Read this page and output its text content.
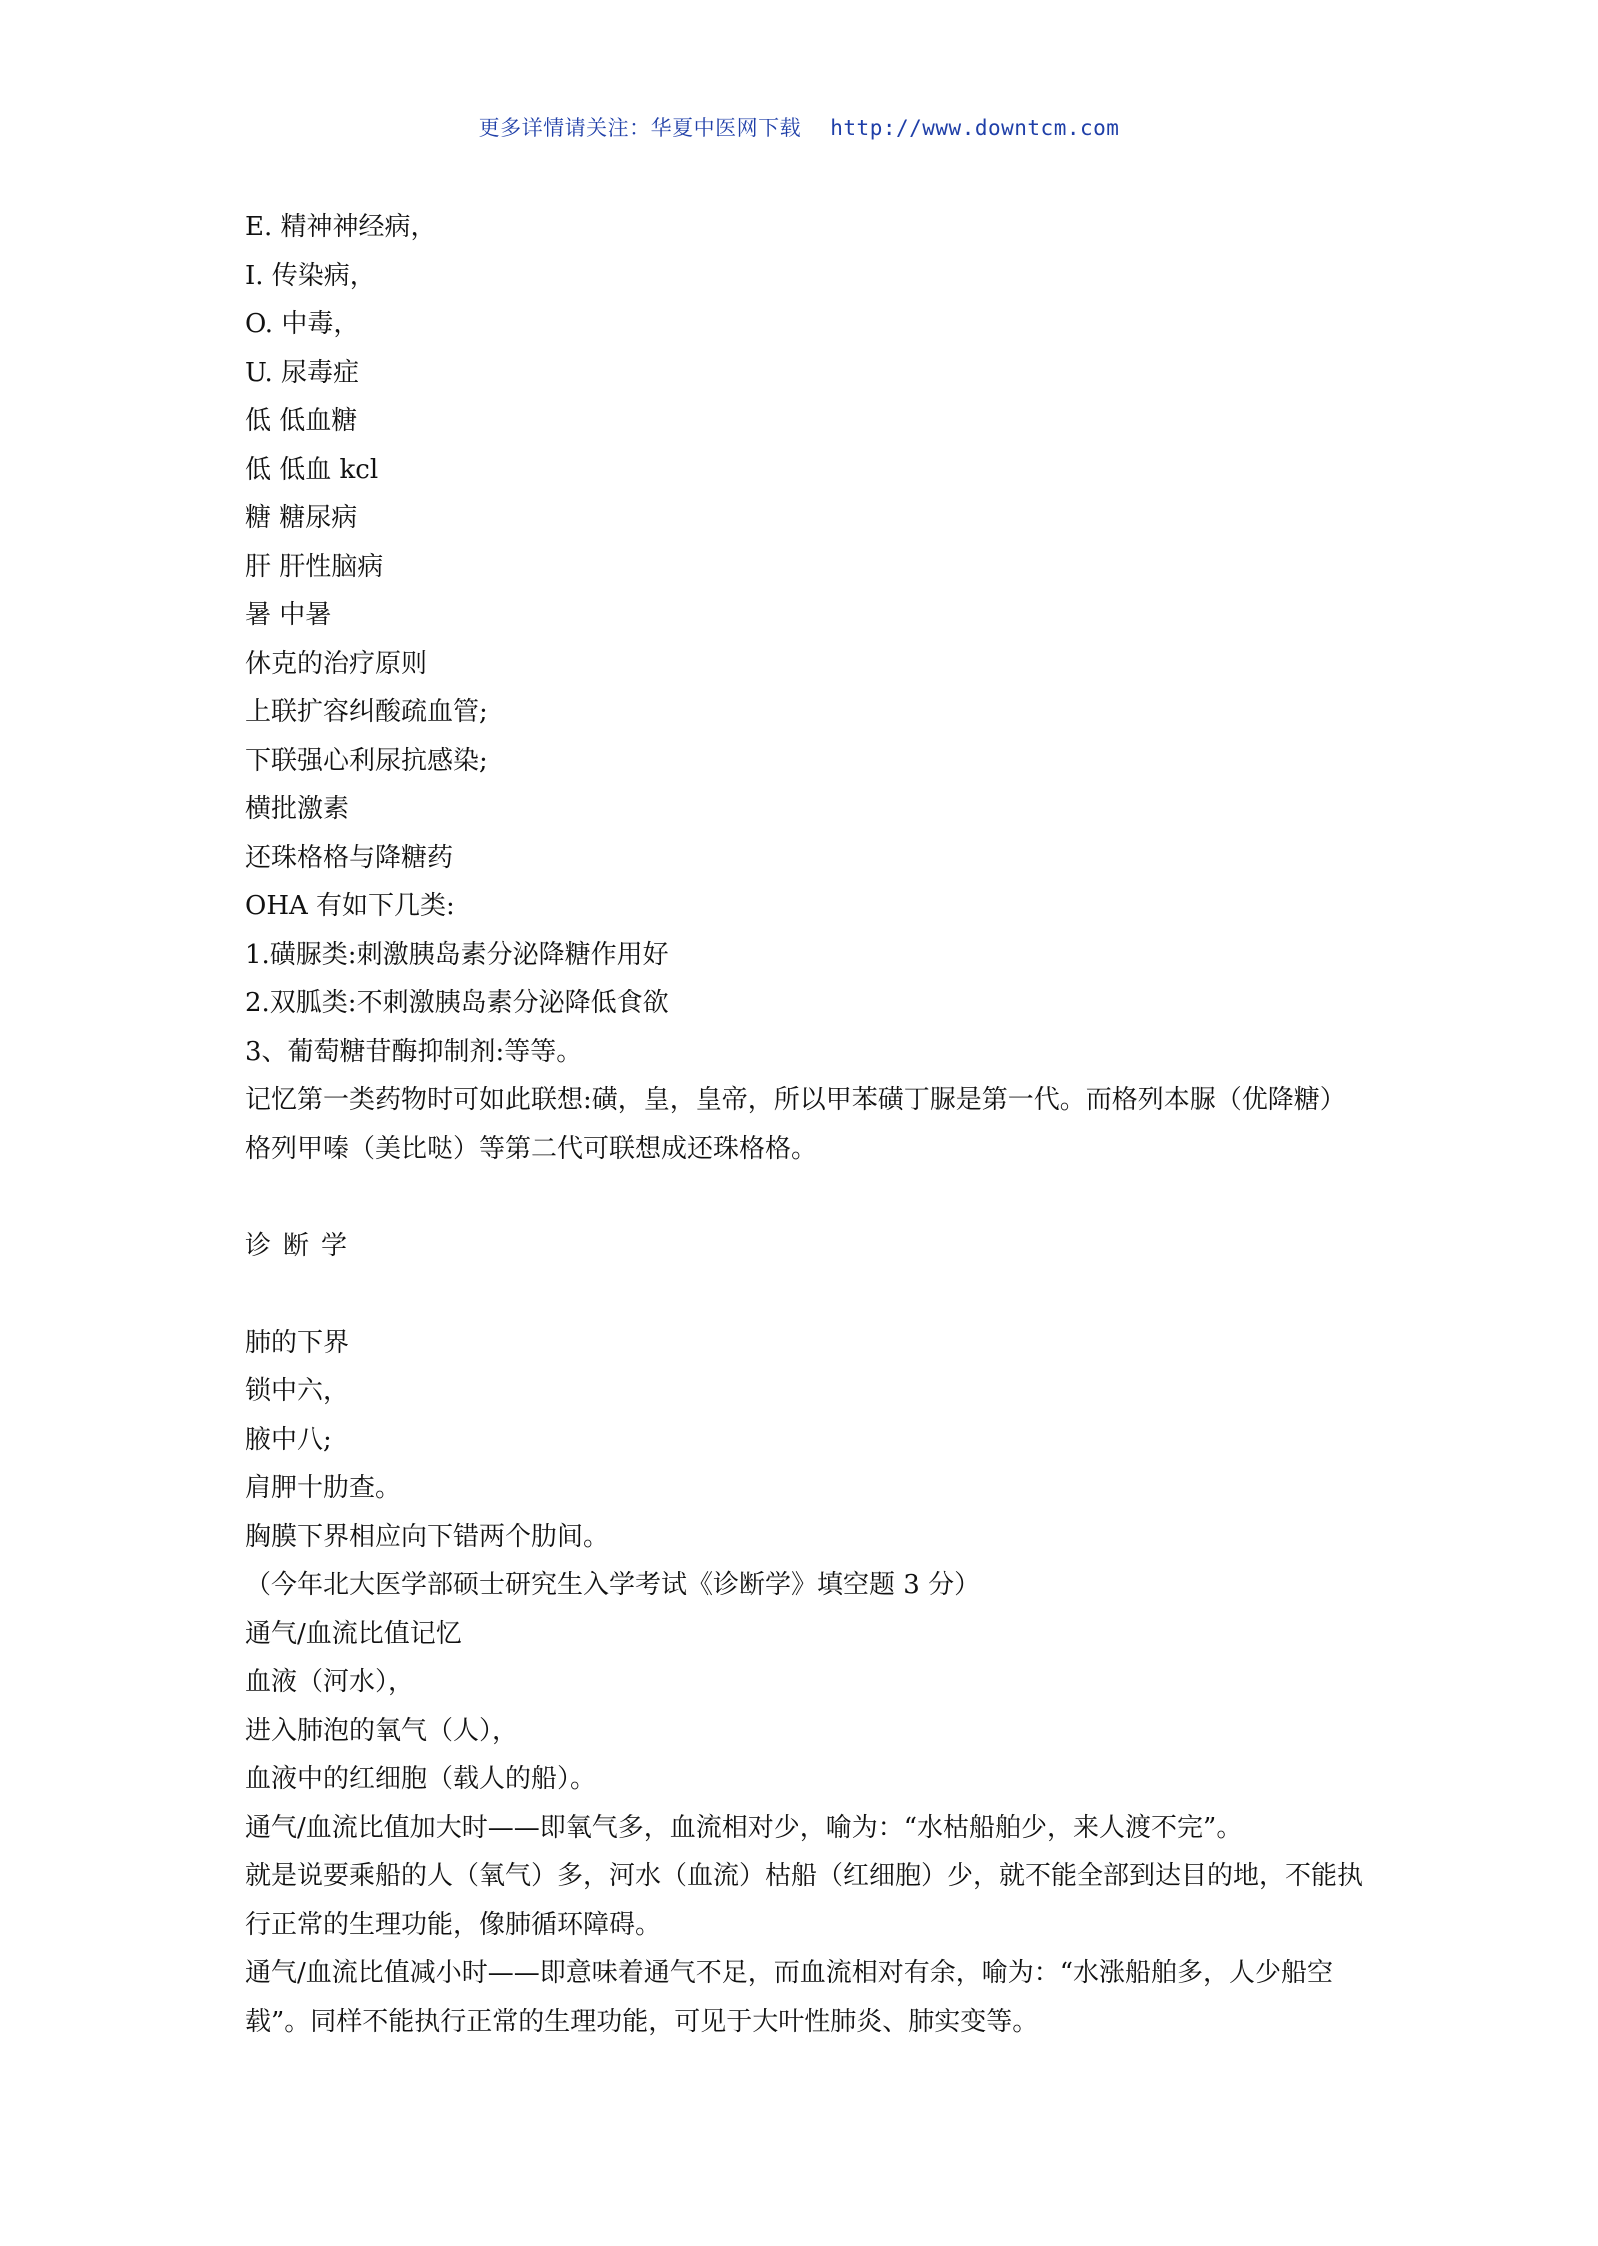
更多详情请关注：华夏中医网下载 http://www.downtcm.com
E. 精神神经病，
I. 传染病，
O. 中毒，
U. 尿毒症
低 低血糖
低 低血 kcl
糖 糖尿病
肝 肝性脑病
暑 中暑
休克的治疗原则
上联扩容纠酸疏血管;
下联强心利尿抗感染;
横批激素
还珠格格与降糖药
OHA 有如下几类:
1.磺脲类:刺激胰岛素分泌降糖作用好
2.双胍类:不刺激胰岛素分泌降低食欲
3、葡萄糖苷酶抑制剂:等等。
记忆第一类药物时可如此联想:磺，皇，皇帝，所以甲苯磺丁脲是第一代。而格列本脲（优降糖）格列甲嗪（美比哒）等第二代可联想成还珠格格。
诊断学
肺的下界
锁中六，
腋中八;
肩胛十肋查。
胸膜下界相应向下错两个肋间。
（今年北大医学部硕士研究生入学考试《诊断学》填空题 3 分）
通气/血流比值记忆
血液（河水），
进入肺泡的氧气（人），
血液中的红细胞（载人的船）。
通气/血流比值加大时——即氧气多，血流相对少，喻为：“水枯船舶少，来人渡不完”。
就是说要乘船的人（氧气）多，河水（血流）枯船（红细胞）少，就不能全部到达目的地，不能执行正常的生理功能，像肺循环障碍。
通气/血流比值减小时——即意味着通气不足，而血流相对有余，喻为：“水涨船舶多，人少船空载”。同样不能执行正常的生理功能，可见于大叶性肺炎、肺实变等。
